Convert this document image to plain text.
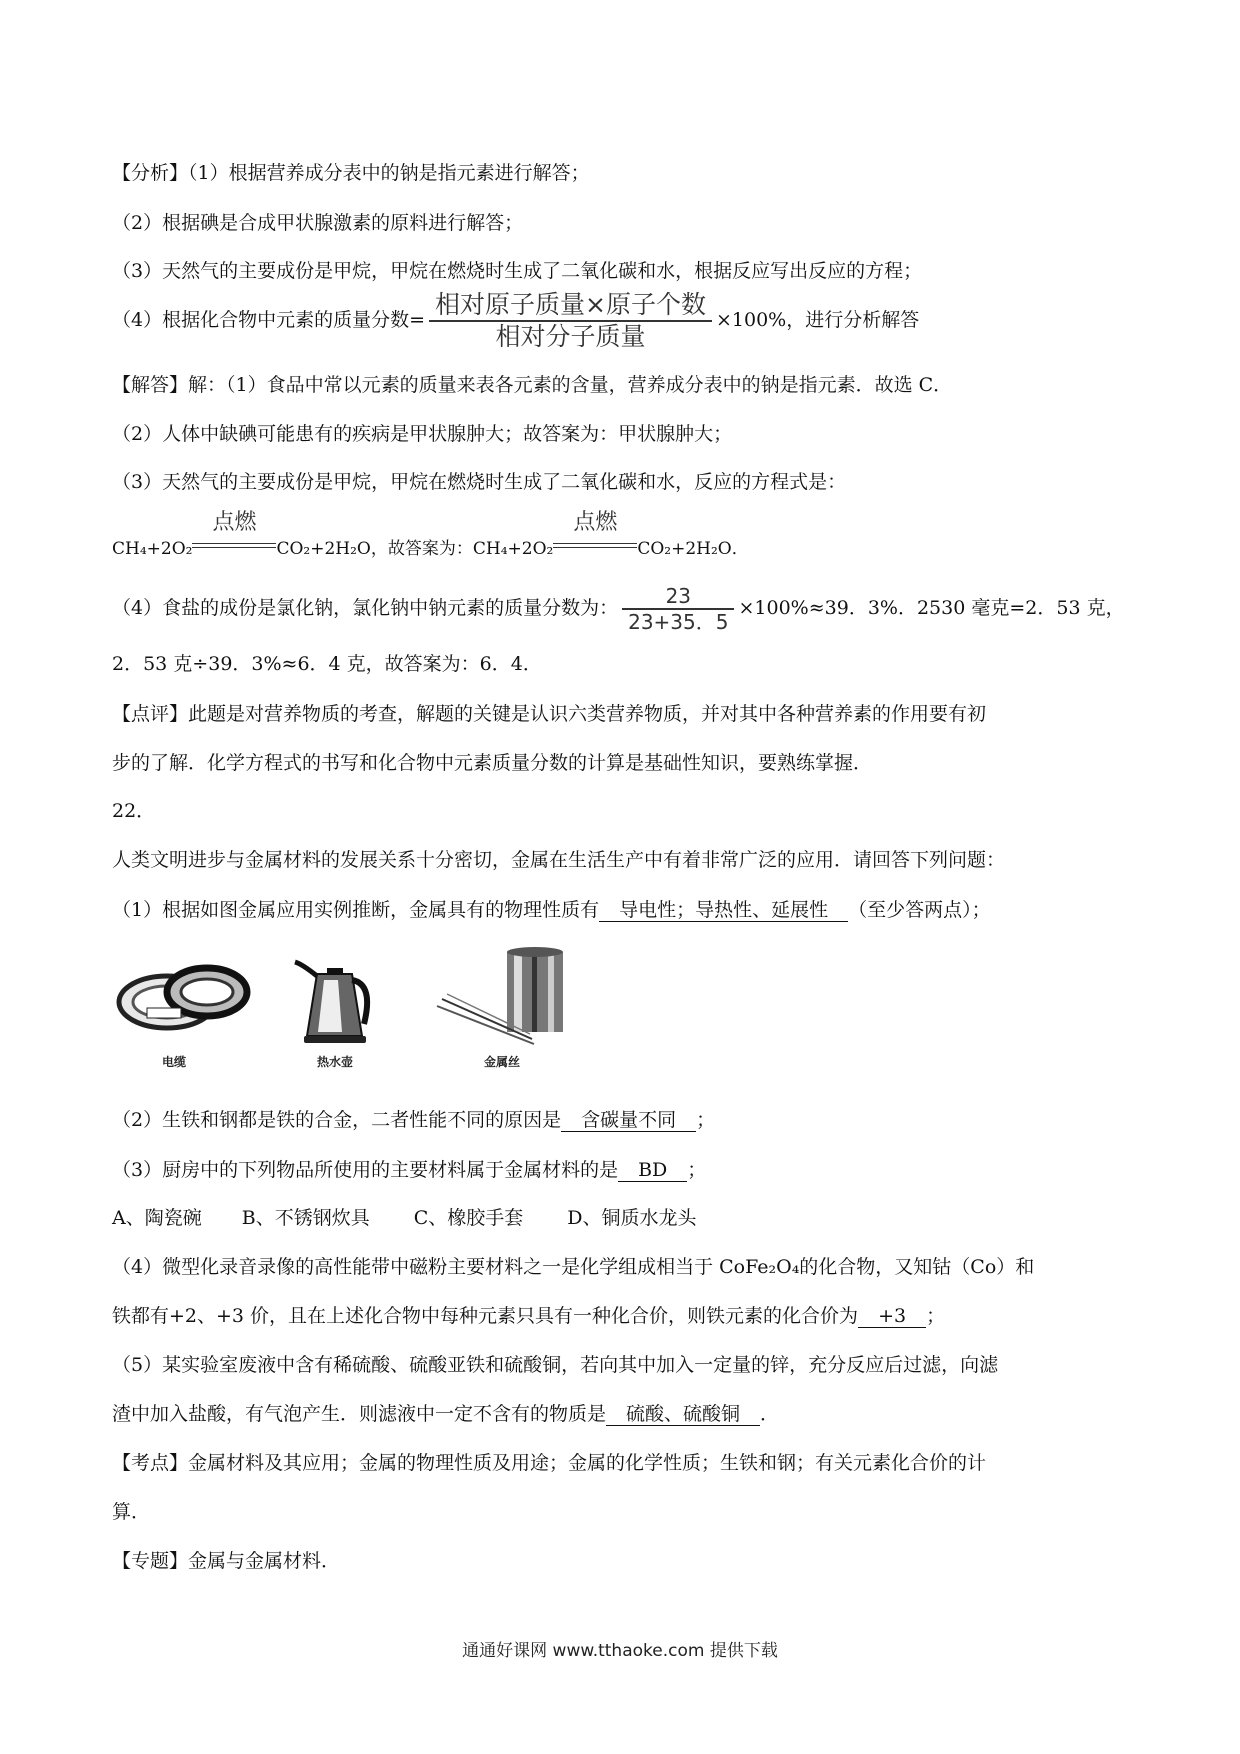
【分析】（1）根据营养成分表中的钠是指元素进行解答；
（2）根据碘是合成甲状腺激素的原料进行解答；
（3）天然气的主要成份是甲烷，甲烷在燃烧时生成了二氧化碳和水，根据反应写出反应的方程；
（4）根据化合物中元素的质量分数= $\frac{\text{相对原子质量×原子个数}}{\text{相对分子质量}} \times 100\%$，进行分析解答
【解答】解：（1）食品中常以元素的质量来表各元素的含量，营养成分表中的钠是指元素．故选 C．
（2）人体中缺碘可能患有的疾病是甲状腺肿大；故答案为：甲状腺肿大；
（3）天然气的主要成份是甲烷，甲烷在燃烧时生成了二氧化碳和水，反应的方程式是：
CH₄+2O₂
点燃
CO₂+2H₂O，故答案为：CH₄+2O₂
点燃
CO₂+2H₂O．
（4）食盐的成份是氯化钠，氯化钠中钠元素的质量分数为： $\frac{23}{23+35.5} \times 100\%\approx 39$．3%．2530 毫克=2．53 克，
2．53 克÷39．3%≈6．4 克，故答案为：6．4．
【点评】此题是对营养物质的考查，解题的关键是认识六类营养物质，并对其中各种营养素的作用要有初
步的了解．化学方程式的书写和化合物中元素质量分数的计算是基础性知识，要熟练掌握．
22．
人类文明进步与金属材料的发展关系十分密切，金属在生活生产中有着非常广泛的应用．请回答下列问题：
（1）根据如图金属应用实例推断，金属具有的物理性质有 导电性；导热性、延展性 （至少答两点）；
电缆	热水壶	金属丝
（2）生铁和钢都是铁的合金，二者性能不同的原因是 含碳量不同 ；
（3）厨房中的下列物品所使用的主要材料属于金属材料的是 BD ；
A、陶瓷碗 B、不锈钢炊具 C、橡胶手套 D、铜质水龙头
（4）微型化录音录像的高性能带中磁粉主要材料之一是化学组成相当于 CoFe₂O₄的化合物，又知钴（Co）和
铁都有+2、+3 价，且在上述化合物中每种元素只具有一种化合价，则铁元素的化合价为 +3 ；
（5）某实验室废液中含有稀硫酸、硫酸亚铁和硫酸铜，若向其中加入一定量的锌，充分反应后过滤，向滤
渣中加入盐酸，有气泡产生．则滤液中一定不含有的物质是 硫酸、硫酸铜 ．
【考点】金属材料及其应用；金属的物理性质及用途；金属的化学性质；生铁和钢；有关元素化合价的计
算．
【专题】金属与金属材料．
通通好课网 www.tthaoke.com 提供下载
